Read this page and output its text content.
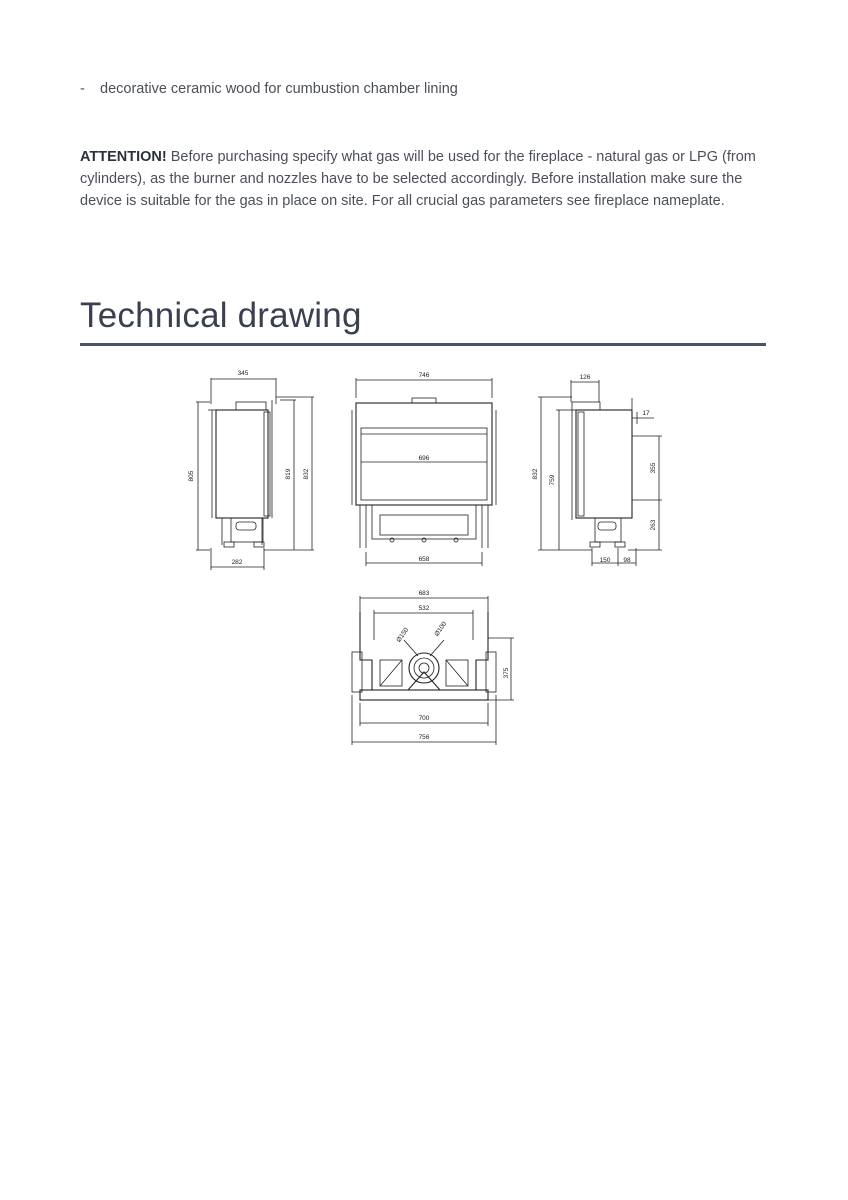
- decorative ceramic wood for cumbustion chamber lining
ATTENTION! Before purchasing specify what gas will be used for the fireplace - natural gas or LPG (from cylinders), as the burner and nozzles have to be selected accordingly. Before installation make sure the device is suitable for the gas in place on site. For all crucial gas parameters see fireplace nameplate.
Technical drawing
345
805	819 832
282
746
696
658
126
17
832
759
355
263
150 98
683
532
Ø150	Ø100
375
700
756
